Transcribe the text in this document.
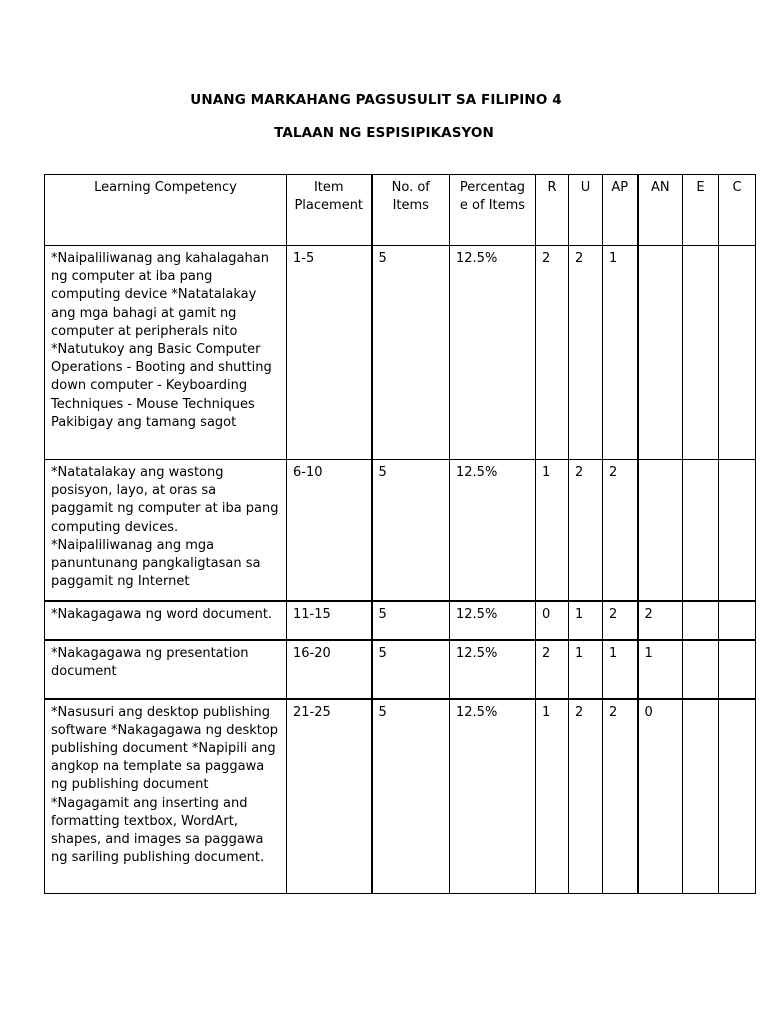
UNANG MARKAHANG PAGSUSULIT SA FILIPINO 4
TALAAN NG ESPISIPIKASYON
Learning Competency	Item Placement	No. of Items	Percentage of Items	R	U	AP	AN	E	C
*Naipaliliwanag ang kahalagahan ng computer at iba pang computing device *Natatalakay ang mga bahagi at gamit ng computer at peripherals nito *Natutukoy ang Basic Computer Operations - Booting and shutting down computer - Keyboarding Techniques - Mouse Techniques Pakibigay ang tamang sagot	1-5	5	12.5%	2	2	1			
*Natatalakay ang wastong posisyon, layo, at oras sa paggamit ng computer at iba pang computing devices. *Naipaliliwanag ang mga panuntunang pangkaligtasan sa paggamit ng Internet	6-10	5	12.5%	1	2	2			
*Nakagagawa ng word document.	11-15	5	12.5%	0	1	2	2		
*Nakagagawa ng presentation document	16-20	5	12.5%	2	1	1	1		
*Nasusuri ang desktop publishing software *Nakagagawa ng desktop publishing document *Napipili ang angkop na template sa paggawa ng publishing document *Nagagamit ang inserting and formatting textbox, WordArt, shapes, and images sa paggawa ng sariling publishing document.	21-25	5	12.5%	1	2	2	0		
